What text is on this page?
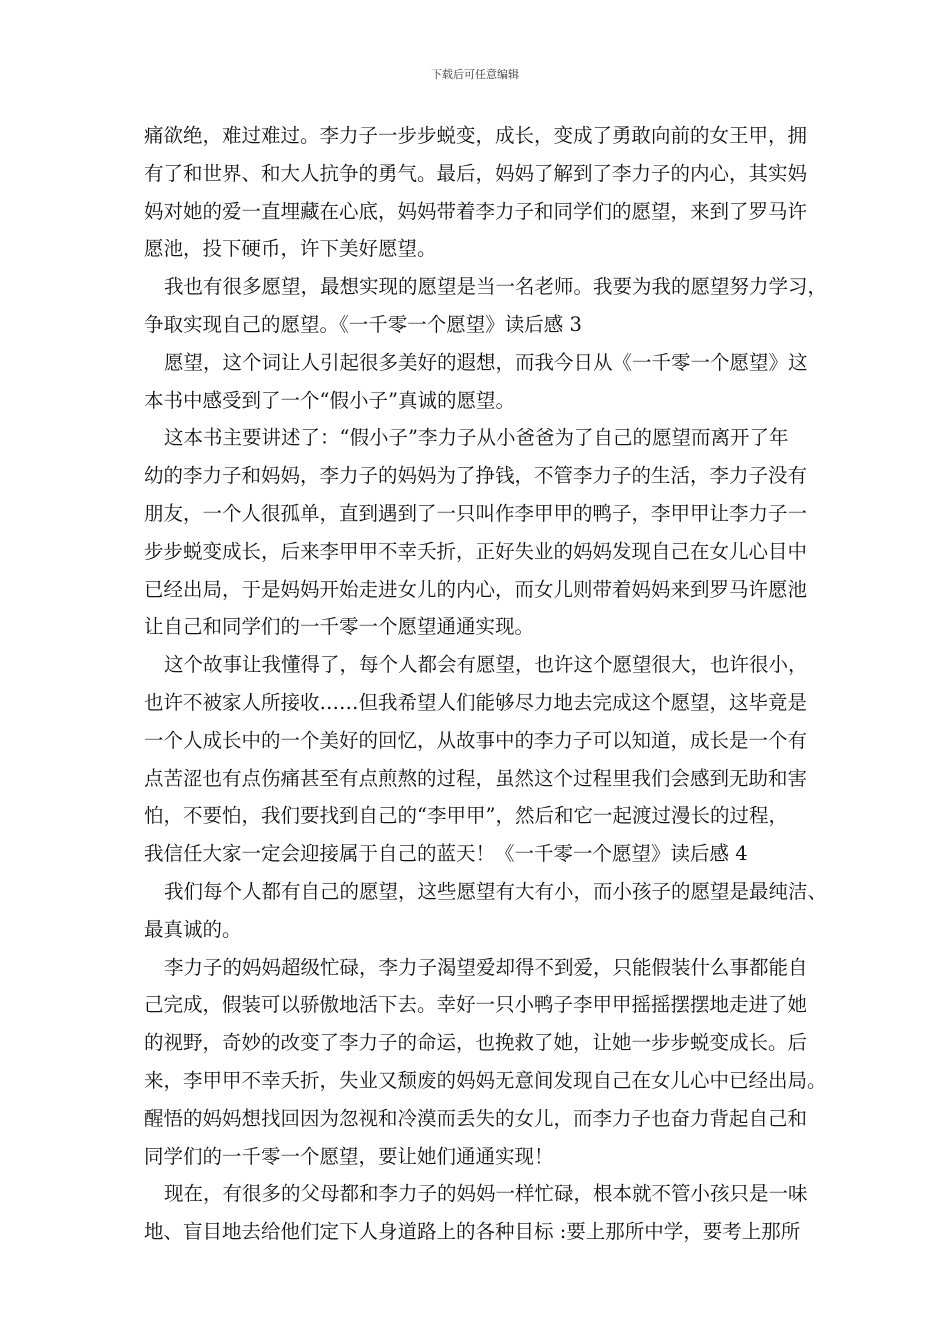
下载后可任意编辑
痛欲绝，难过难过。李力子一步步蜕变，成长，变成了勇敢向前的女王甲，拥
有了和世界、和大人抗争的勇气。最后，妈妈了解到了李力子的内心，其实妈
妈对她的爱一直埋藏在心底，妈妈带着李力子和同学们的愿望，来到了罗马许
愿池，投下硬币，许下美好愿望。
我也有很多愿望，最想实现的愿望是当一名老师。我要为我的愿望努力学习，
争取实现自己的愿望。《一千零一个愿望》读后感 3
愿望，这个词让人引起很多美好的遐想，而我今日从《一千零一个愿望》这
本书中感受到了一个“假小子”真诚的愿望。
这本书主要讲述了：“假小子”李力子从小爸爸为了自己的愿望而离开了年
幼的李力子和妈妈，李力子的妈妈为了挣钱，不管李力子的生活，李力子没有
朋友，一个人很孤单，直到遇到了一只叫作李甲甲的鸭子，李甲甲让李力子一
步步蜕变成长，后来李甲甲不幸夭折，正好失业的妈妈发现自己在女儿心目中
已经出局，于是妈妈开始走进女儿的内心，而女儿则带着妈妈来到罗马许愿池
让自己和同学们的一千零一个愿望通通实现。
这个故事让我懂得了，每个人都会有愿望，也许这个愿望很大，也许很小，
也许不被家人所接收……但我希望人们能够尽力地去完成这个愿望，这毕竟是
一个人成长中的一个美好的回忆，从故事中的李力子可以知道，成长是一个有
点苦涩也有点伤痛甚至有点煎熬的过程，虽然这个过程里我们会感到无助和害
怕，不要怕，我们要找到自己的“李甲甲”，然后和它一起渡过漫长的过程，
我信任大家一定会迎接属于自己的蓝天！《一千零一个愿望》读后感 4
我们每个人都有自己的愿望，这些愿望有大有小，而小孩子的愿望是最纯洁、
最真诚的。
李力子的妈妈超级忙碌，李力子渴望爱却得不到爱，只能假装什么事都能自
己完成，假装可以骄傲地活下去。幸好一只小鸭子李甲甲摇摇摆摆地走进了她
的视野，奇妙的改变了李力子的命运，也挽救了她，让她一步步蜕变成长。后
来，李甲甲不幸夭折，失业又颓废的妈妈无意间发现自己在女儿心中已经出局。
醒悟的妈妈想找回因为忽视和冷漠而丢失的女儿，而李力子也奋力背起自己和
同学们的一千零一个愿望，要让她们通通实现！
现在，有很多的父母都和李力子的妈妈一样忙碌，根本就不管小孩只是一味
地、盲目地去给他们定下人身道路上的各种目标 :要上那所中学，要考上那所
